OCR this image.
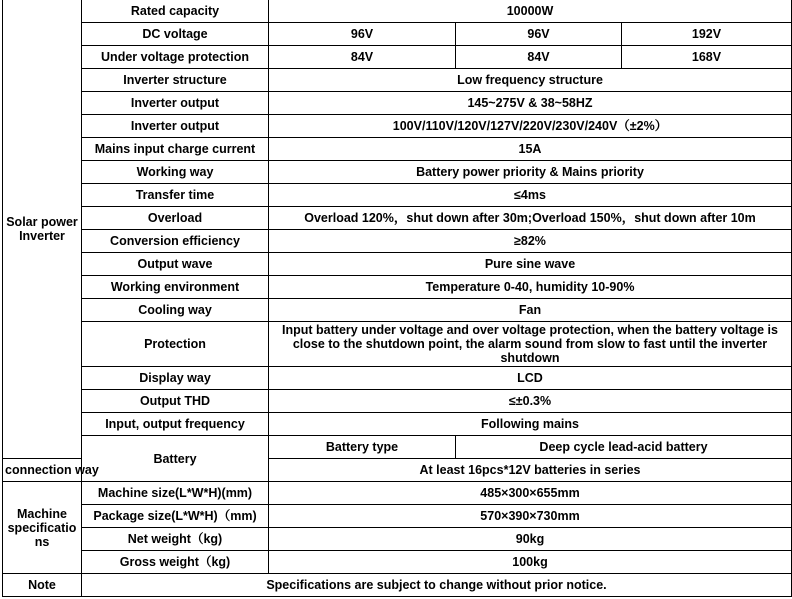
Solar power Inverter	Rated capacity	10000W		
	DC voltage	96V	96V	192V
	Under voltage protection	84V	84V	168V
	Inverter structure	Low frequency structure		
	Inverter output	145~275V & 38~58HZ		
	Inverter output	100V/110V/120V/127V/220V/230V/240V（±2%）		
	Mains input charge current	15A		
	Working way	Battery power priority & Mains priority		
	Transfer time	≤4ms		
	Overload	Overload 120%，shut down after 30m;Overload 150%，shut down after 10m		
	Conversion efficiency	≥82%		
	Output wave	Pure sine wave		
	Working environment	Temperature 0-40, humidity 10-90%		
	Cooling way	Fan		
	Protection	Input battery under voltage and over voltage protection, when the battery voltage is close to the shutdown point, the alarm sound from slow to fast until the inverter shutdown		
	Display way	LCD		
	Output THD	≤±0.3%		
	Input, output frequency	Following mains		
	Battery	Battery type	Deep cycle lead-acid battery	
connection way		At least 16pcs*12V batteries in series		
Machine specificatio ns	Machine size(L*W*H)(mm)	485×300×655mm		
	Package size(L*W*H)（mm)	570×390×730mm		
	Net weight（kg)	90kg		
	Gross weight（kg)	100kg		
Note	Specifications are subject to change without prior notice.			
